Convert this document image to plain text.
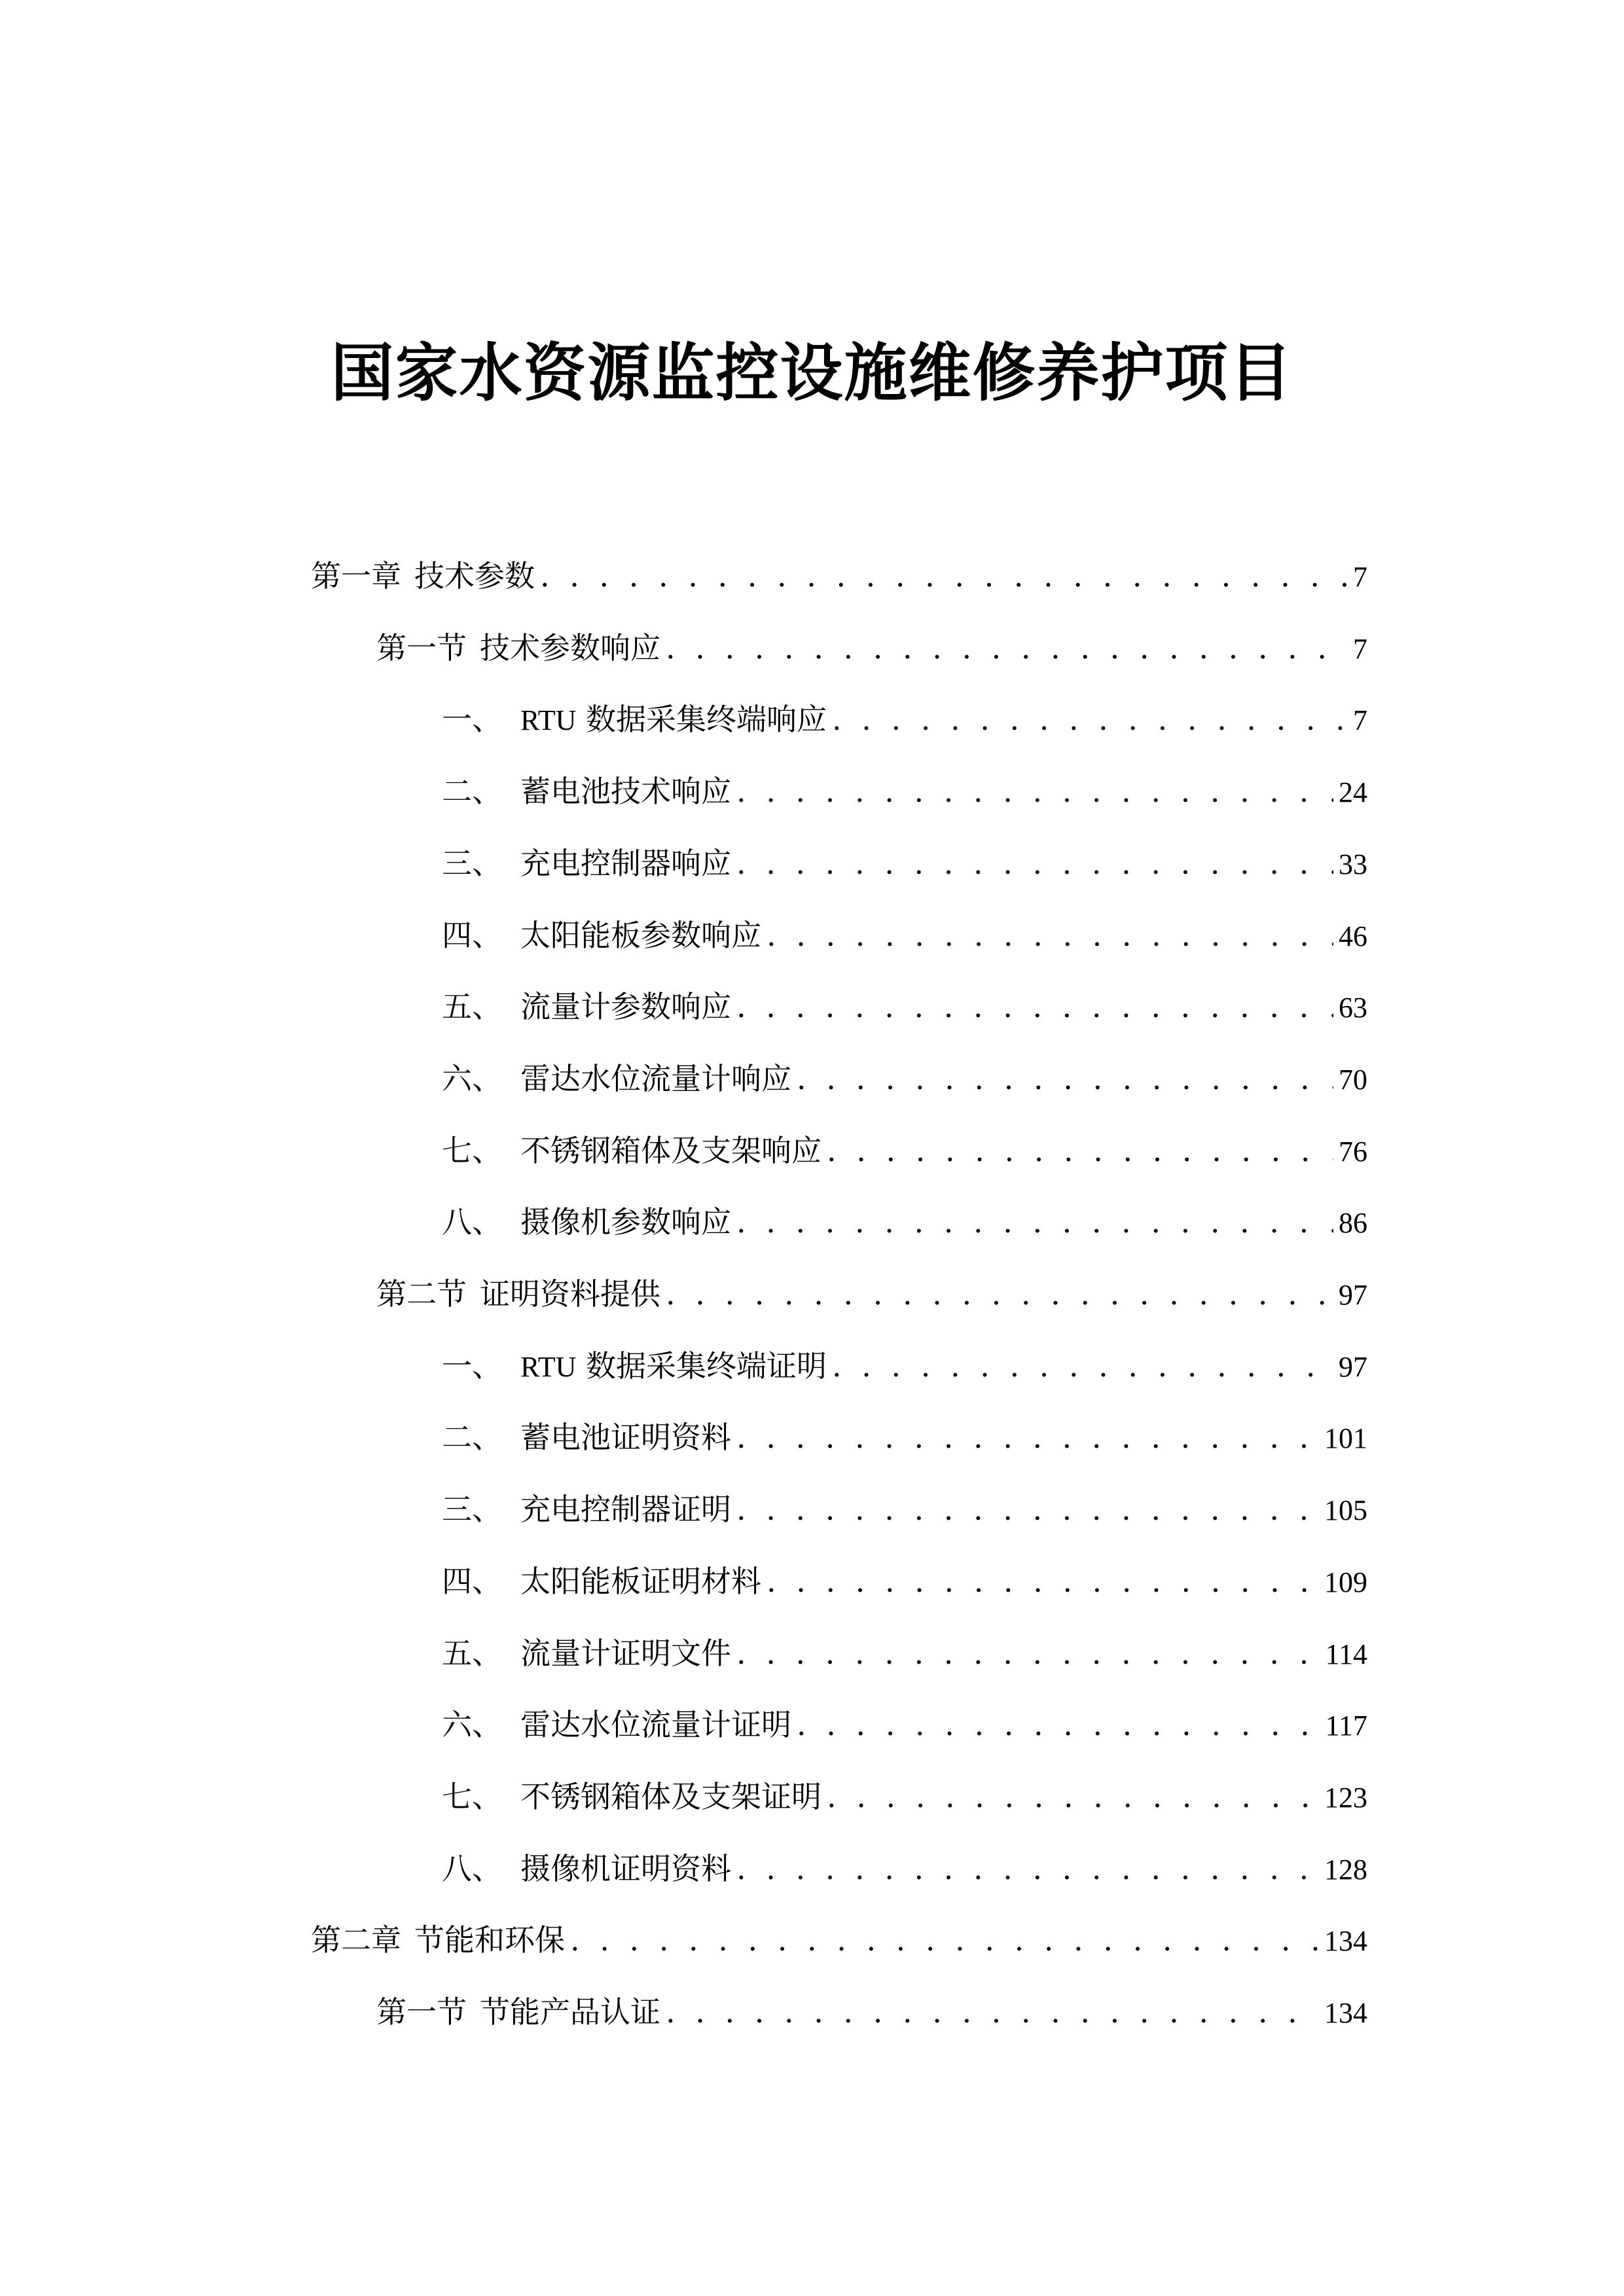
国家水资源监控设施维修养护项目
第一章 技术参数 . . .	7
第一节 技术参数响应 . . .	7
一、 RTU 数据采集终端响应 . . .	7
二、 蓄电池技术响应 . . .	24
三、 充电控制器响应 . . .	33
四、 太阳能板参数响应 . . .	46
五、 流量计参数响应 . . .	63
六、 雷达水位流量计响应 . . .	70
七、 不锈钢箱体及支架响应 . . .	76
八、 摄像机参数响应 . . .	86
第二节 证明资料提供 . . .	97
一、 RTU 数据采集终端证明 . . .	97
二、 蓄电池证明资料 . . .	101
三、 充电控制器证明 . . .	105
四、 太阳能板证明材料 . . .	109
五、 流量计证明文件 . . .	114
六、 雷达水位流量计证明 . . .	117
七、 不锈钢箱体及支架证明 . . .	123
八、 摄像机证明资料 . . .	128
第二章 节能和环保 . . .	134
第一节 节能产品认证 . . .	134
